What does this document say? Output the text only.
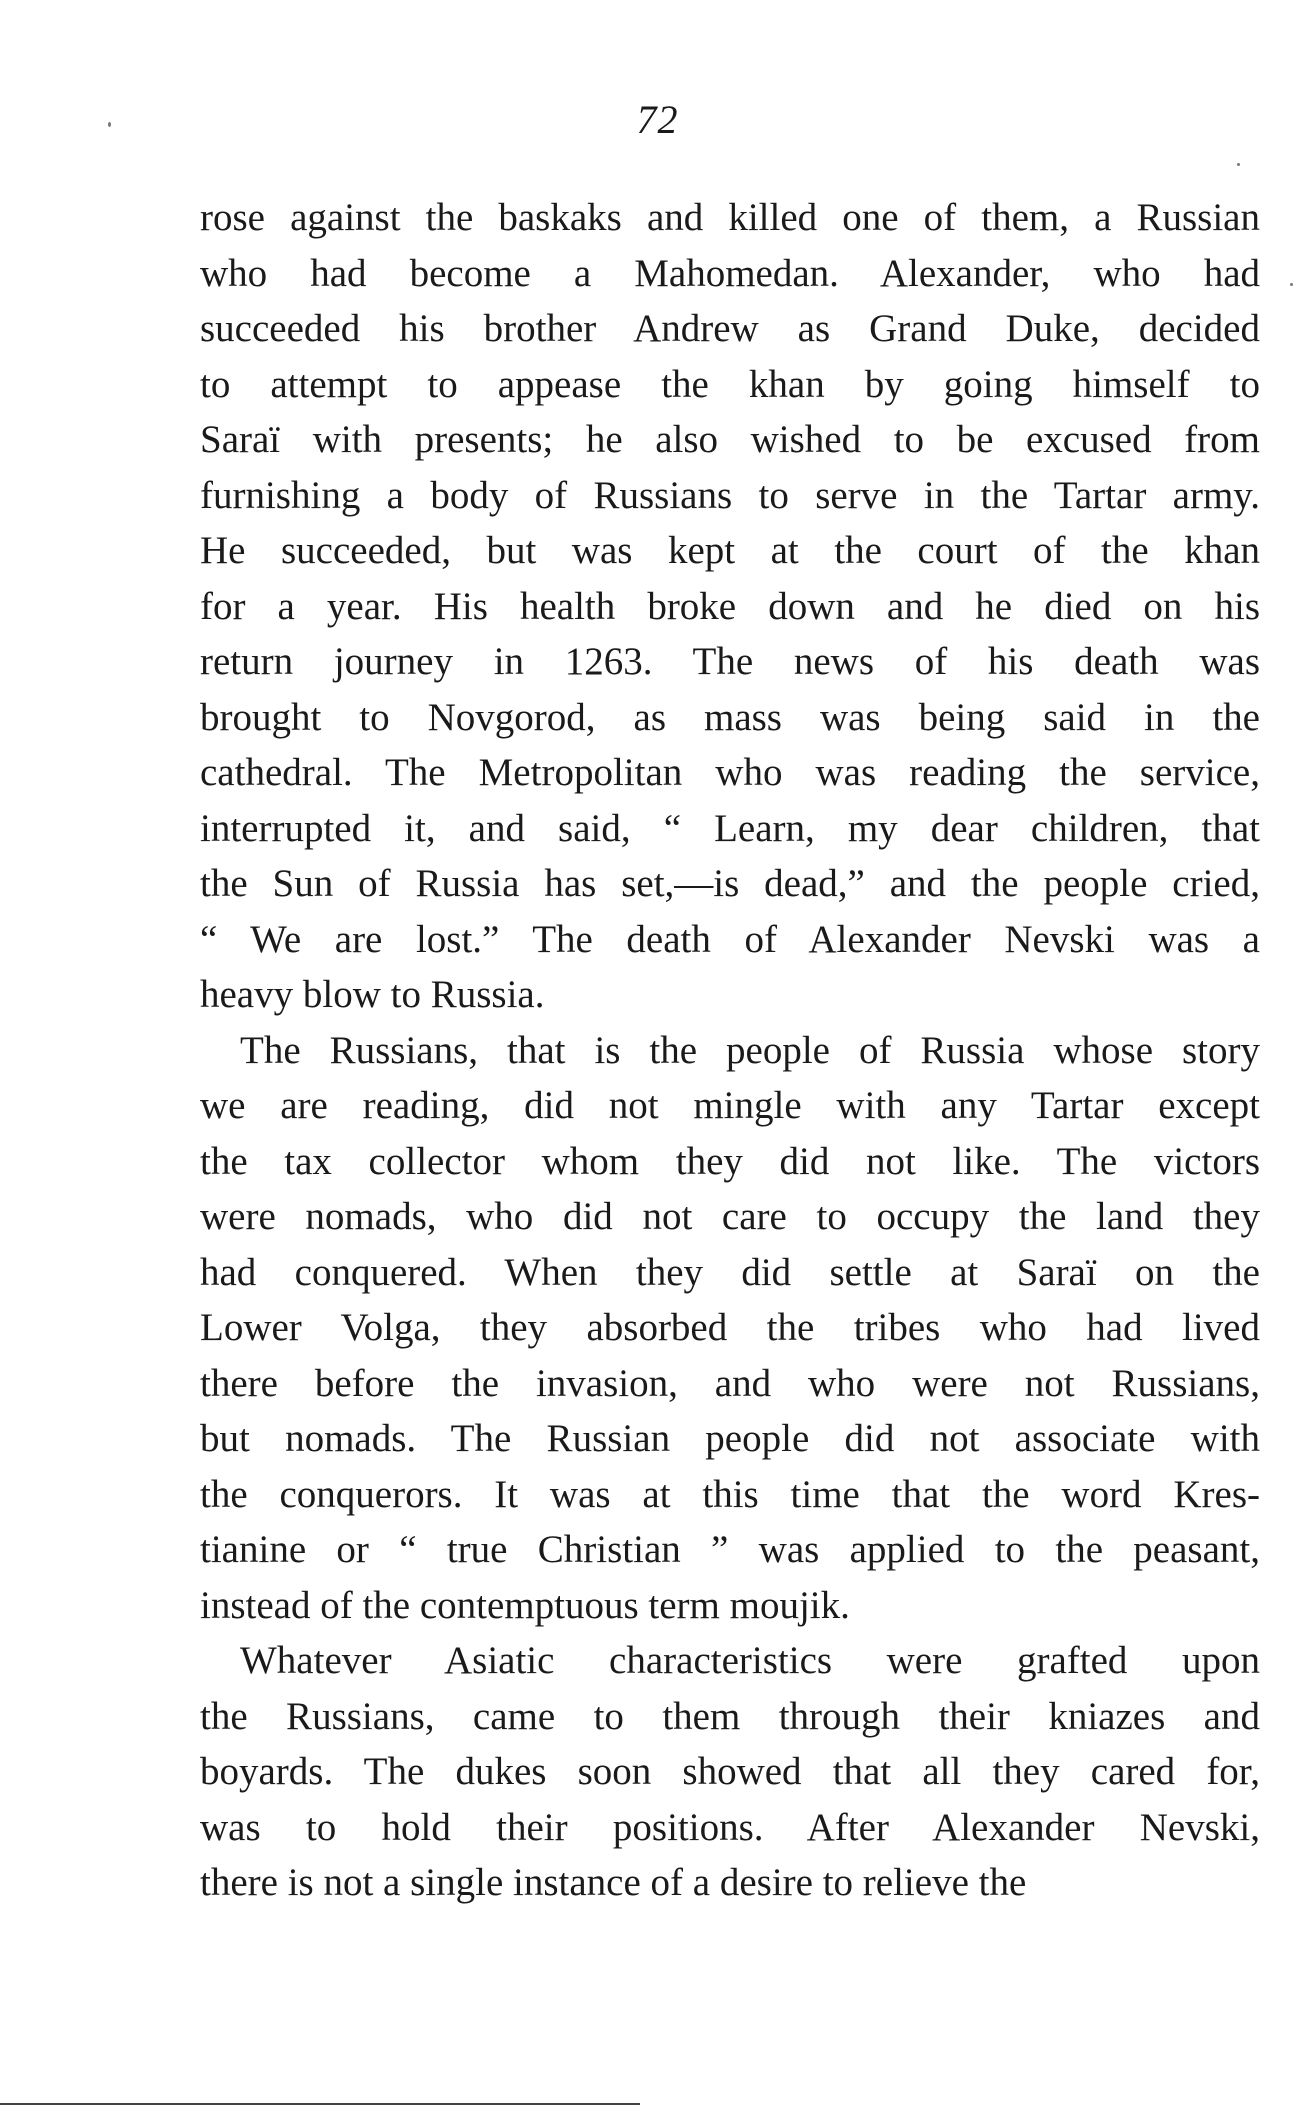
72
rose against the baskaks and killed one of them, a Russian
who had become a Mahomedan. Alexander, who had
succeeded his brother Andrew as Grand Duke, decided
to attempt to appease the khan by going himself to
Saraï with presents; he also wished to be excused from
furnishing a body of Russians to serve in the Tartar army.
He succeeded, but was kept at the court of the khan
for a year. His health broke down and he died on his
return journey in 1263. The news of his death was
brought to Novgorod, as mass was being said in the
cathedral. The Metropolitan who was reading the service,
interrupted it, and said, “ Learn, my dear children, that
the Sun of Russia has set,—is dead,” and the people cried,
“ We are lost.” The death of Alexander Nevski was a
heavy blow to Russia.
The Russians, that is the people of Russia whose story
we are reading, did not mingle with any Tartar except
the tax collector whom they did not like. The victors
were nomads, who did not care to occupy the land they
had conquered. When they did settle at Saraï on the
Lower Volga, they absorbed the tribes who had lived
there before the invasion, and who were not Russians,
but nomads. The Russian people did not associate with
the conquerors. It was at this time that the word Kres-
tianine or “ true Christian ” was applied to the peasant,
instead of the contemptuous term moujik.
Whatever Asiatic characteristics were grafted upon
the Russians, came to them through their kniazes and
boyards. The dukes soon showed that all they cared for,
was to hold their positions. After Alexander Nevski,
there is not a single instance of a desire to relieve the
